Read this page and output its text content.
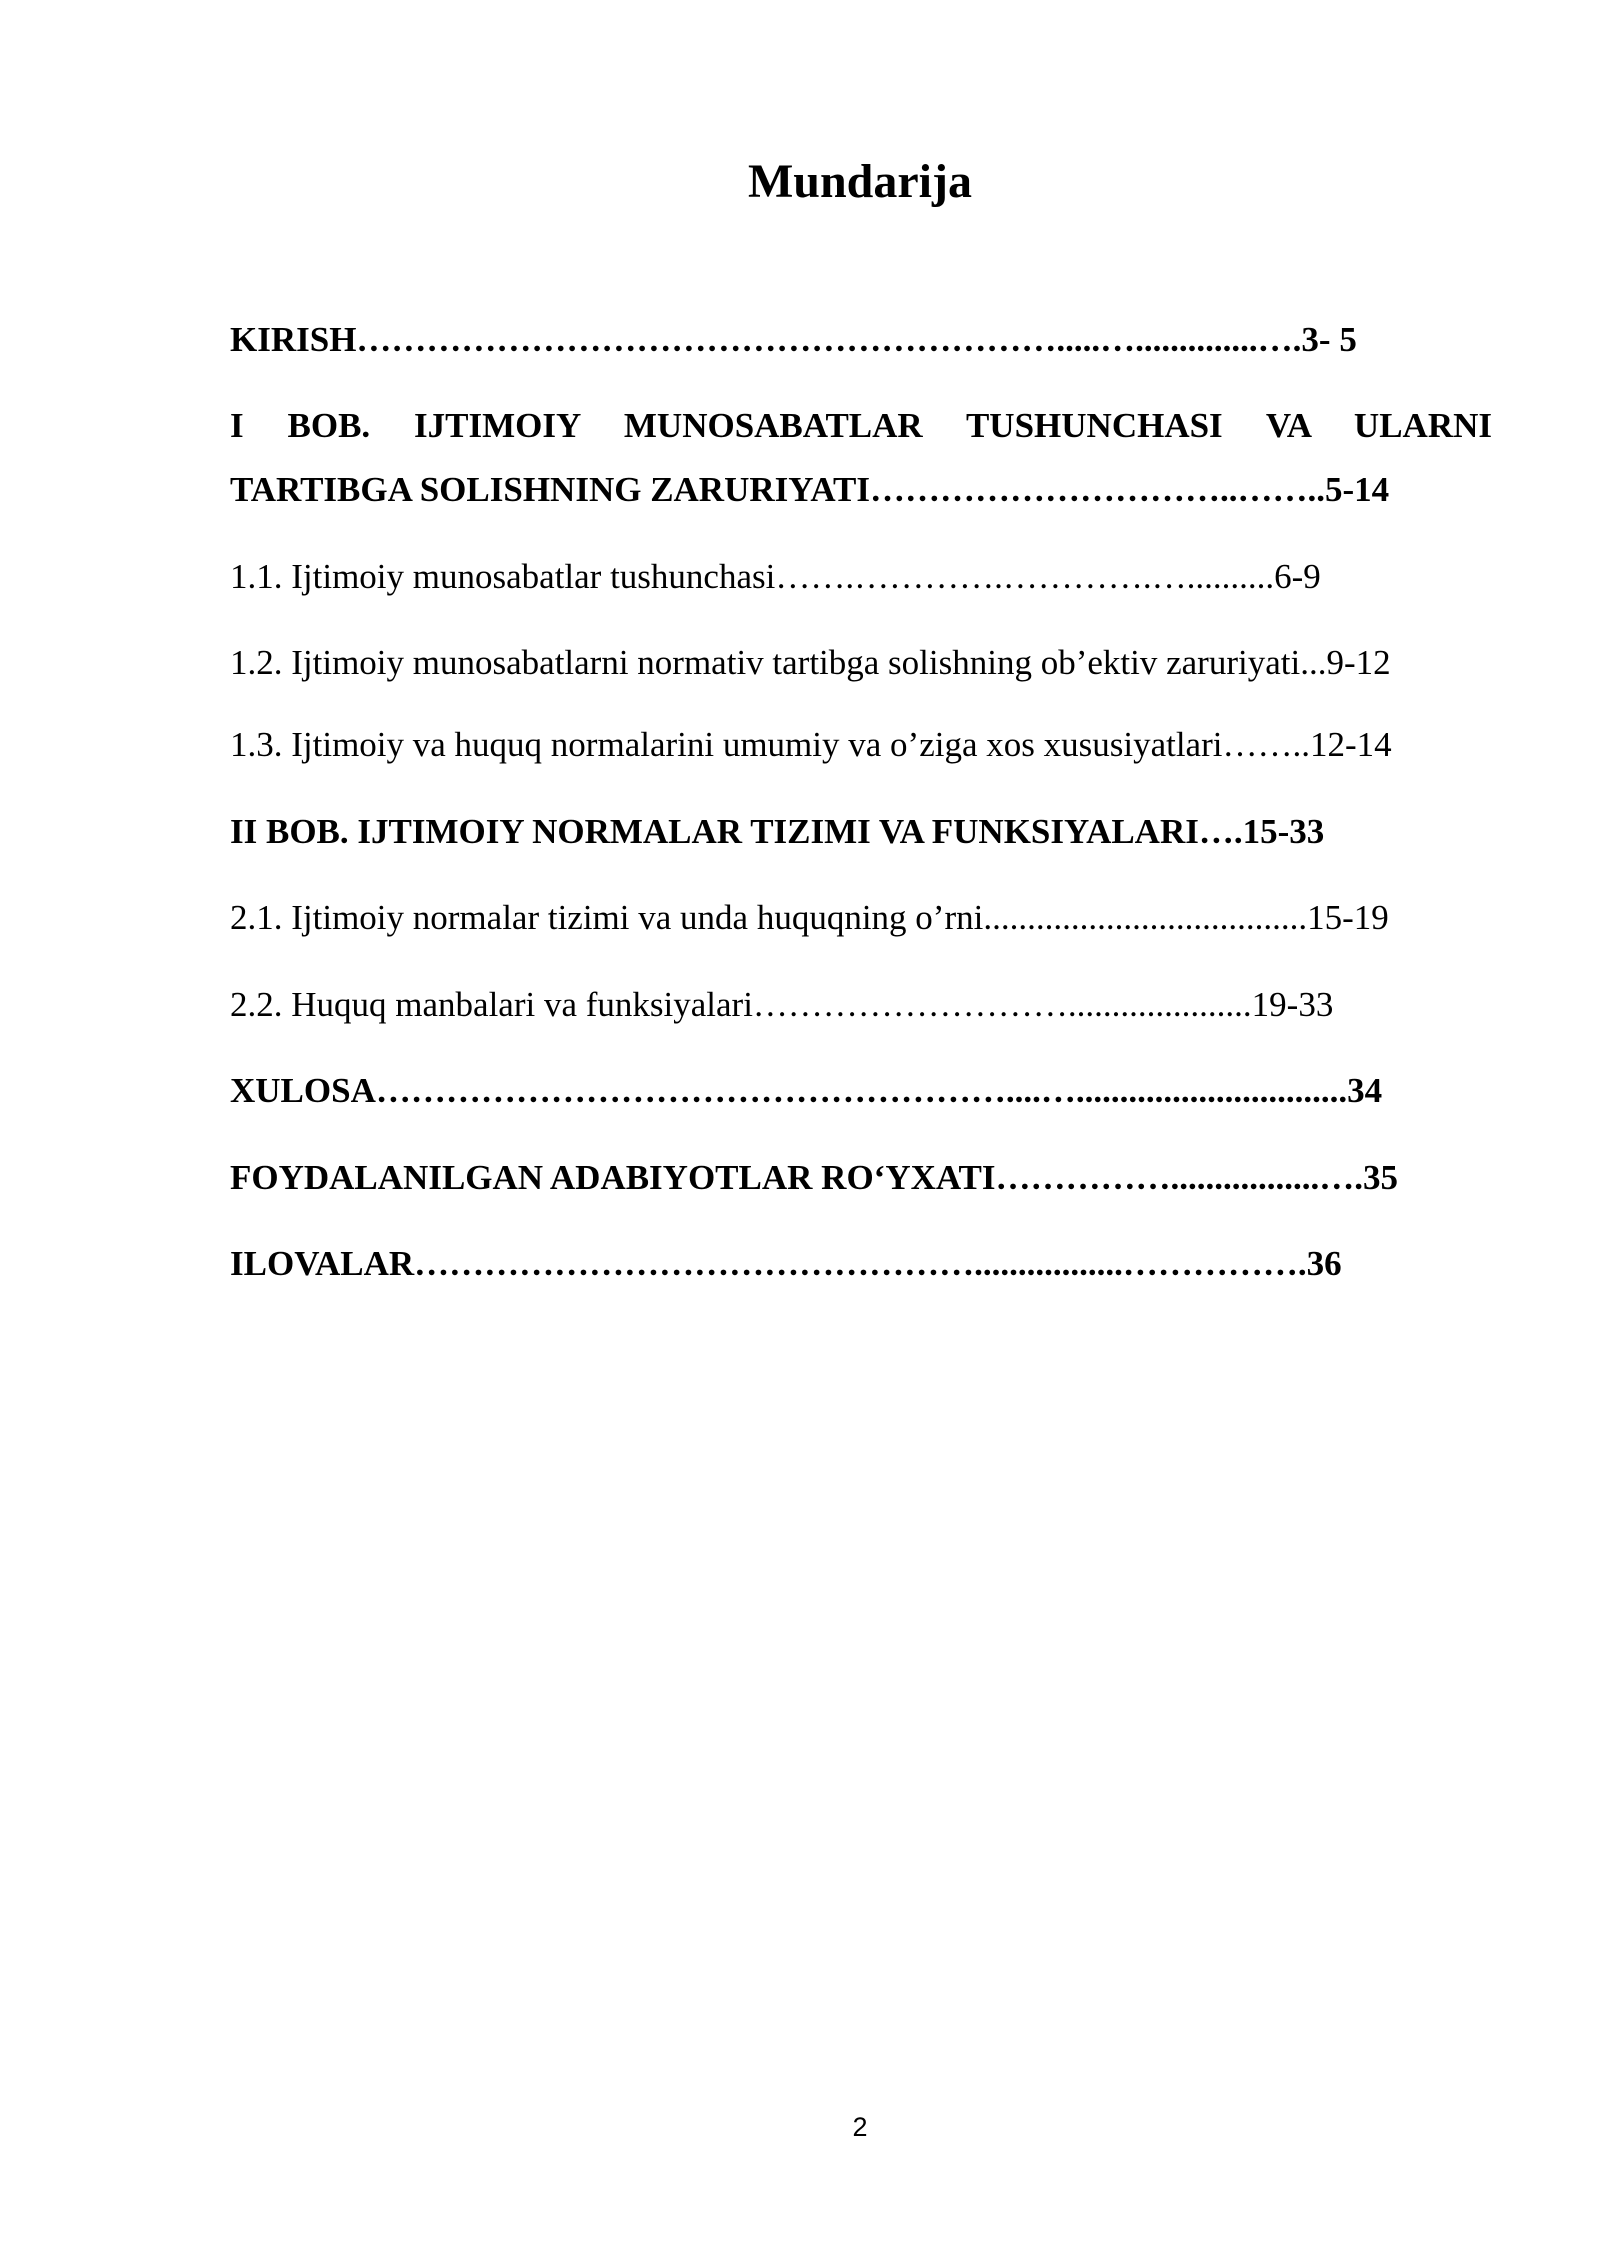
Mundarija
KIRISH…………………………………………………….....…..............….3- 5
I BOB. IJTIMOIY MUNOSABATLAR TUSHUNCHASI VA ULARNI
TARTIBGA SOLISHNING ZARURIYATI…………………………..……..5-14
1.1. Ijtimoiy munosabatlar tushunchasi…….………….………….…..........6-9
1.2. Ijtimoiy munosabatlarni normativ tartibga solishning ob’ektiv zaruriyati...9-12
1.3. Ijtimoiy va huquq normalarini umumiy va o’ziga xos xususiyatlari……..12-14
II BOB. IJTIMOIY NORMALAR TIZIMI VA FUNKSIYALARI….15-33
2.1. Ijtimoiy normalar tizimi va unda huquqning o’rni.....................................15-19
2.2. Huquq manbalari va funksiyalari……………………….....................19-33
XULOSA………………………………………………....…...............................34
FOYDALANILGAN ADABIYOTLAR RO‘YXATI…………….................….35
ILOVALAR………………………………………….................…………….36
2
